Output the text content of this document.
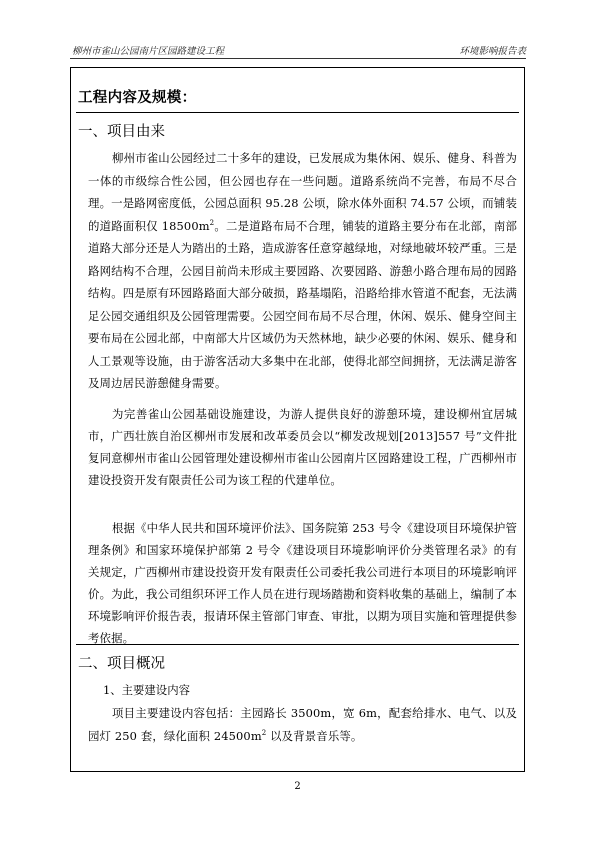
柳州市雀山公园南片区园路建设工程	环境影响报告表
工程内容及规模：
一、项目由来
柳州市雀山公园经过二十多年的建设，已发展成为集休闲、娱乐、健身、科普为一体的市级综合性公园，但公园也存在一些问题。道路系统尚不完善，布局不尽合理。一是路网密度低，公园总面积 95.28 公顷，除水体外面积 74.57 公顷，而铺装的道路面积仅 $18500m^2$。二是道路布局不合理，铺装的道路主要分布在北部，南部道路大部分还是人为踏出的土路，造成游客任意穿越绿地，对绿地破坏较严重。三是路网结构不合理，公园目前尚未形成主要园路、次要园路、游憩小路合理布局的园路结构。四是原有环园路路面大部分破损，路基塌陷，沿路给排水管道不配套，无法满足公园交通组织及公园管理需要。公园空间布局不尽合理，休闲、娱乐、健身空间主要布局在公园北部，中南部大片区域仍为天然林地，缺少必要的休闲、娱乐、健身和人工景观等设施，由于游客活动大多集中在北部，使得北部空间拥挤，无法满足游客及周边居民游憩健身需要。
为完善雀山公园基础设施建设，为游人提供良好的游憩环境，建设柳州宜居城市，广西壮族自治区柳州市发展和改革委员会以“柳发改规划[2013]557 号”文件批复同意柳州市雀山公园管理处建设柳州市雀山公园南片区园路建设工程，广西柳州市建设投资开发有限责任公司为该工程的代建单位。
根据《中华人民共和国环境评价法》、国务院第 253 号令《建设项目环境保护管理条例》和国家环境保护部第 2 号令《建设项目环境影响评价分类管理名录》的有关规定，广西柳州市建设投资开发有限责任公司委托我公司进行本项目的环境影响评价。为此，我公司组织环评工作人员在进行现场踏勘和资料收集的基础上，编制了本环境影响评价报告表，报请环保主管部门审查、审批，以期为项目实施和管理提供参考依据。
二、项目概况
1、主要建设内容
项目主要建设内容包括：主园路长 3500m，宽 6m，配套给排水、电气、以及园灯 250 套，绿化面积 $24500m^2$ 以及背景音乐等。
2
